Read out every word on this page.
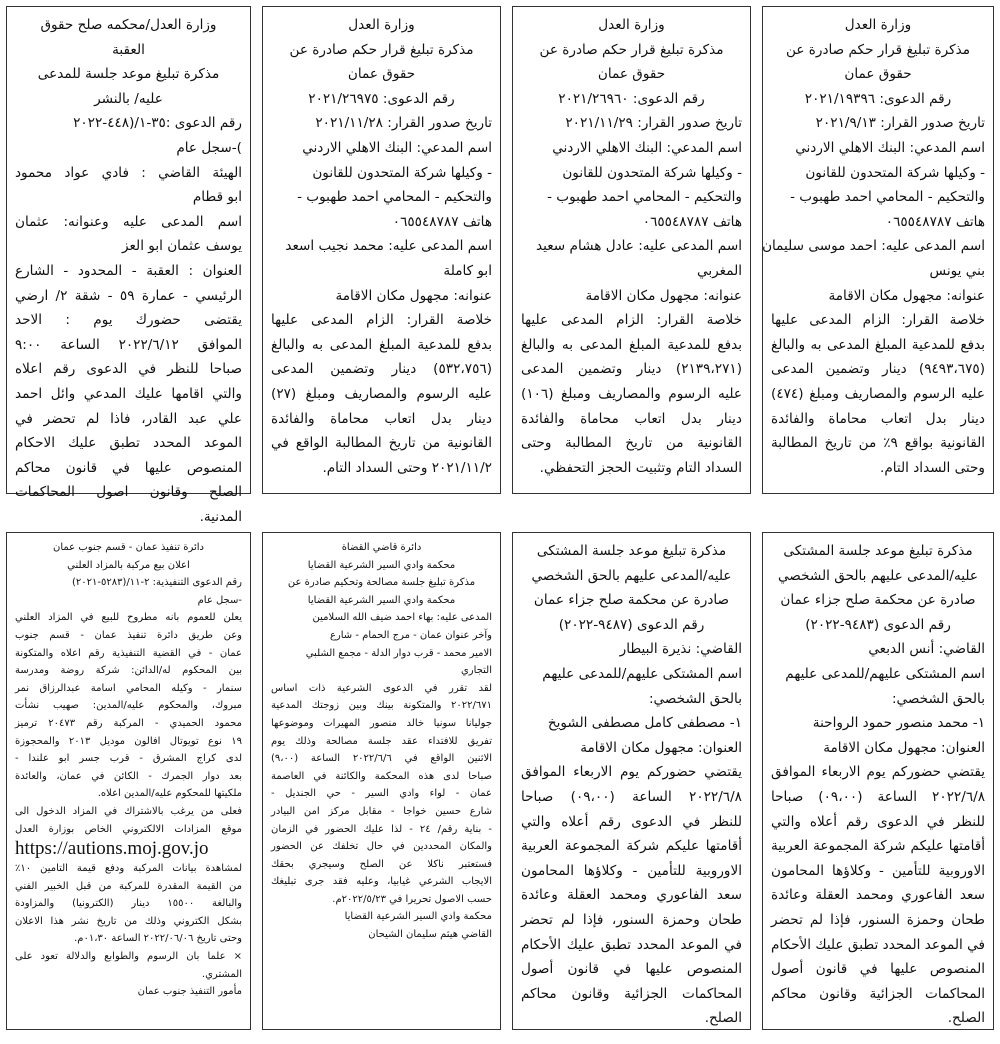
وزارة العدل
مذكرة تبليغ قرار حكم صادرة عن
حقوق عمان
رقم الدعوى: ٢٠٢١/١٩٣٩٦
تاريخ صدور القرار: ٢٠٢١/٩/١٣
اسم المدعي: البنك الاهلي الاردني
- وكيلها شركة المتحدون للقانون
والتحكيم - المحامي احمد طهبوب -
هاتف ٠٦٥٥٤٨٧٨٧
اسم المدعى عليه: احمد موسى سليمان
بني يونس
عنوانه: مجهول مكان الاقامة
خلاصة القرار: الزام المدعى عليها
بدفع للمدعية المبلغ المدعى به والبالغ
(٩٤٩٣،٦٧٥) دينار وتضمين المدعى
عليه الرسوم والمصاريف ومبلغ (٤٧٤)
دينار بدل اتعاب محاماة والفائدة
القانونية بواقع ٩٪ من تاريخ المطالبة
وحتى السداد التام.
وزارة العدل
مذكرة تبليغ قرار حكم صادرة عن
حقوق عمان
رقم الدعوى: ٢٠٢١/٢٦٩٦٠
تاريخ صدور القرار: ٢٠٢١/١١/٢٩
اسم المدعي: البنك الاهلي الاردني
- وكيلها شركة المتحدون للقانون
والتحكيم - المحامي احمد طهبوب -
هاتف ٠٦٥٥٤٨٧٨٧
اسم المدعى عليه: عادل هشام سعيد
المغربي
عنوانه: مجهول مكان الاقامة
خلاصة القرار: الزام المدعى عليها
بدفع للمدعية المبلغ المدعى به والبالغ
(٢١٣٩،٢٧١) دينار وتضمين المدعى
عليه الرسوم والمصاريف ومبلغ (١٠٦)
دينار بدل اتعاب محاماة والفائدة
القانونية من تاريخ المطالبة وحتى
السداد التام وتثبيت الحجز التحفظي.
وزارة العدل
مذكرة تبليغ قرار حكم صادرة عن
حقوق عمان
رقم الدعوى: ٢٠٢١/٢٦٩٧٥
تاريخ صدور القرار: ٢٠٢١/١١/٢٨
اسم المدعي: البنك الاهلي الاردني
- وكيلها شركة المتحدون للقانون
والتحكيم - المحامي احمد طهبوب -
هاتف ٠٦٥٥٤٨٧٨٧
اسم المدعى عليه: محمد نجيب اسعد
ابو كاملة
عنوانه: مجهول مكان الاقامة
خلاصة القرار: الزام المدعى عليها
بدفع للمدعية المبلغ المدعى به والبالغ
(٥٣٢،٧٥٦) دينار وتضمين المدعى
عليه الرسوم والمصاريف ومبلغ (٢٧)
دينار بدل اتعاب محاماة والفائدة
القانونية من تاريخ المطالبة الواقع في
٢٠٢١/١١/٢ وحتى السداد التام.
وزارة العدل/محكمه صلح حقوق
العقبة
مذكرة تبليغ موعد جلسة للمدعى
عليه/ بالنشر
رقم الدعوى :٣٥-١/(٤٤٨-٢٠٢٢
)-سجل عام
الهيئة القاضي : فادي عواد محمود
ابو قطام
اسم المدعى عليه وعنوانه: عثمان
يوسف عثمان ابو العز
العنوان : العقبة - المحدود - الشارع
الرئيسي - عمارة ٥٩ - شقة ٢/ ارضي
يقتضى حضورك يوم : الاحد
الموافق ٢٠٢٢/٦/١٢ الساعة ٩:٠٠
صباحا للنظر في الدعوى رقم اعلاه
والتي اقامها عليك المدعي وائل احمد
علي عبد القادر، فاذا لم تحضر في
الموعد المحدد تطبق عليك الاحكام
المنصوص عليها في قانون محاكم
الصلح وقانون اصول المحاكمات
المدنية.
مذكرة تبليغ موعد جلسة المشتكى
عليه/المدعى عليهم بالحق الشخصي
صادرة عن محكمة صلح جزاء عمان
رقم الدعوى (٩٤٨٣-٢٠٢٢)
القاضي: أنس الدبعي
اسم المشتكى عليهم/للمدعى عليهم
بالحق الشخصي:
١- محمد منصور حمود الرواحنة
العنوان: مجهول مكان الاقامة
يقتضي حضوركم يوم الاربعاء الموافق
٢٠٢٢/٦/٨ الساعة (٠٩،٠٠) صباحا
للنظر في الدعوى رقم أعلاه والتي
أقامتها عليكم شركة المجموعة العربية
الاوروبية للتأمين - وكلاؤها المحامون
سعد الفاعوري ومحمد العقلة وعائدة
طحان وحمزة السنور، فإذا لم تحضر
في الموعد المحدد تطبق عليك الأحكام
المنصوص عليها في قانون أصول
المحاكمات الجزائية وقانون محاكم
الصلح.
مذكرة تبليغ موعد جلسة المشتكى
عليه/المدعى عليهم بالحق الشخصي
صادرة عن محكمة صلح جزاء عمان
رقم الدعوى (٩٤٨٧-٢٠٢٢)
القاضي: نذيرة البيطار
اسم المشتكى عليهم/للمدعى عليهم
بالحق الشخصي:
١- مصطفى كامل مصطفى الشويخ
العنوان: مجهول مكان الاقامة
يقتضي حضوركم يوم الاربعاء الموافق
٢٠٢٢/٦/٨ الساعة (٠٩،٠٠) صباحا
للنظر في الدعوى رقم أعلاه والتي
أقامتها عليكم شركة المجموعة العربية
الاوروبية للتأمين - وكلاؤها المحامون
سعد الفاعوري ومحمد العقلة وعائدة
طحان وحمزة السنور، فإذا لم تحضر
في الموعد المحدد تطبق عليك الأحكام
المنصوص عليها في قانون أصول
المحاكمات الجزائية وقانون محاكم
الصلح.
دائرة قاضي القضاة
محكمة وادي السير الشرعية القضايا
مذكرة تبليغ جلسة مصالحة وتحكيم صادرة عن
محكمة وادي السير الشرعية القضايا
المدعى عليه: بهاء احمد ضيف الله السلامين
وآخر عنوان عمان - مرج الحمام - شارع
الامير محمد - قرب دوار الدلة - مجمع الشلبي
التجاري
لقد تقرر في الدعوى الشرعية ذات اساس
٢٠٢٢/٦٧١ والمتكونة بينك وبين زوجتك المدعية
جوليانا سونيا خالد منصور المهيرات وموضوعها
تفريق للافتداء عقد جلسة مصالحة وذلك يوم
الاثنين الواقع في ٢٠٢٢/٦/٦ الساعة (٩،٠٠)
صباحا لدى هذه المحكمة والكائنة في العاصمة
عمان - لواء وادي السير - حي الجنديل -
شارع حسين خواجا - مقابل مركز امن البيادر
- بناية رقم/ ٢٤ - لذا عليك الحضور في الزمان
والمكان المحددين في حال تخلفك عن الحضور
فستعتبر ناكلا عن الصلح وسيجري بحقك
الايجاب الشرعي غيابيا، وعليه فقد جرى تبليغك
حسب الاصول تحريرا في ٢٠٢٢/٥/٢٣م.
محكمة وادي السير الشرعية القضايا
القاضي هيثم سليمان الشيحان
دائرة تنفيذ عمان - قسم جنوب عمان
اعلان بيع مركبة بالمزاد العلني
رقم الدعوى التنفيذية: ٢-١١/(٥٢٨٣-٢٠٢١)
-سجل عام
يعلن للعموم بانه مطروح للبيع في المزاد العلني
وعن طريق دائرة تنفيذ عمان - قسم جنوب
عمان - في القضية التنفيذية رقم اعلاه والمتكونة
بين المحكوم له/الدائن: شركة روضة ومدرسة
سنمار - وكيله المحامي اسامة عبدالرزاق نمر
مبروك، والمحكوم عليه/المدين: صهيب نشأت
محمود الحميدي - المركبة رقم ٢٠٤٧٣ ترميز
١٩ نوع تويوتال افالون موديل ٢٠١٣ والمحجوزة
لدى كراج المشرق - قرب جسر ابو علندا -
بعد دوار الجمرك - الكائن في عمان، والعائدة
ملكيتها للمحكوم عليه/المدين اعلاه.
فعلى من يرغب بالاشتراك في المزاد الدخول الى
موقع المزادات الالكتروني الخاص بوزارة العدل
https://autions.moj.gov.jo
لمشاهدة بيانات المركبة ودفع قيمة التامين ١٠٪
من القيمة المقدرة للمركبة من قبل الخبير الفني
والبالغة ١٥٥٠٠ دينار (الكترونيا) والمزاودة
بشكل الكتروني وذلك من تاريخ نشر هذا الاعلان
وحتى تاريخ ٢٠٢٢/٠٦/٠٦ الساعة ٠١،٣٠م.
× علما بان الرسوم والطوابع والدلالة تعود على
المشتري.
مأمور التنفيذ جنوب عمان
